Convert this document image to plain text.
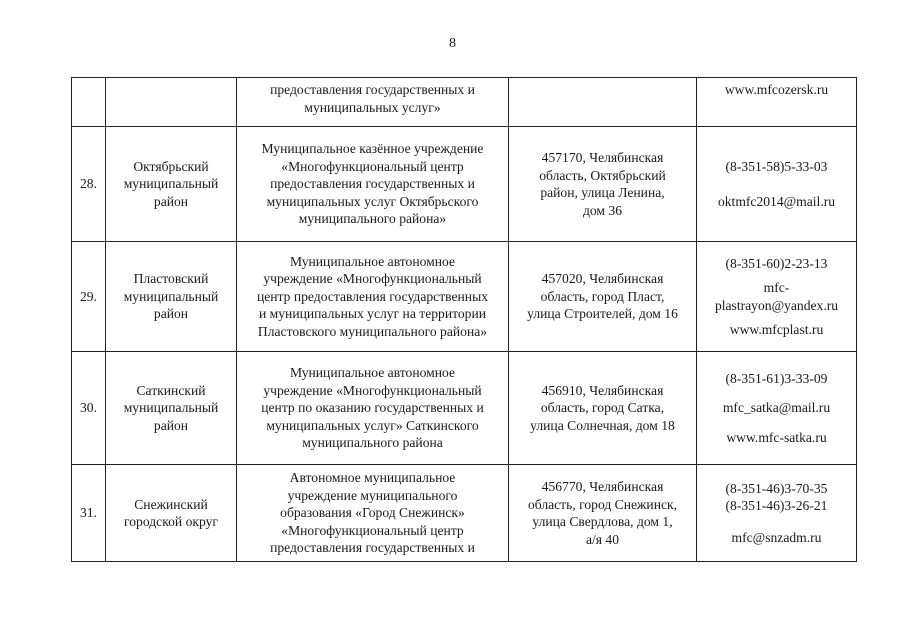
8

		предоставления государственных и
муниципальных услуг»		www.mfcozersk.ru

28.	Октябрьский
муниципальный
район	Муниципальное казённое учреждение
«Многофункциональный центр
предоставления государственных и
муниципальных услуг Октябрьского
муниципального района»	457170, Челябинская
область, Октябрьский
район, улица Ленина,
дом 36	(8-351-58)5-33-03
oktmfc2014@mail.ru

29.	Пластовский
муниципальный
район	Муниципальное автономное
учреждение «Многофункциональный
центр предоставления государственных
и муниципальных услуг на территории
Пластовского муниципального района»	457020, Челябинская
область, город Пласт,
улица Строителей, дом 16	(8-351-60)2-23-13
mfc-
plastrayon@yandex.ru
www.mfcplast.ru

30.	Саткинский
муниципальный
район	Муниципальное автономное
учреждение «Многофункциональный
центр по оказанию государственных и
муниципальных услуг» Саткинского
муниципального района	456910, Челябинская
область, город Сатка,
улица Солнечная, дом 18	(8-351-61)3-33-09
mfc_satka@mail.ru
www.mfc-satka.ru

31.	Снежинский
городской округ	Автономное муниципальное
учреждение муниципального
образования «Город Снежинск»
«Многофункциональный центр
предоставления государственных и	456770, Челябинская
область, город Снежинск,
улица Свердлова, дом 1,
а/я 40	(8-351-46)3-70-35
(8-351-46)3-26-21
mfc@snzadm.ru
